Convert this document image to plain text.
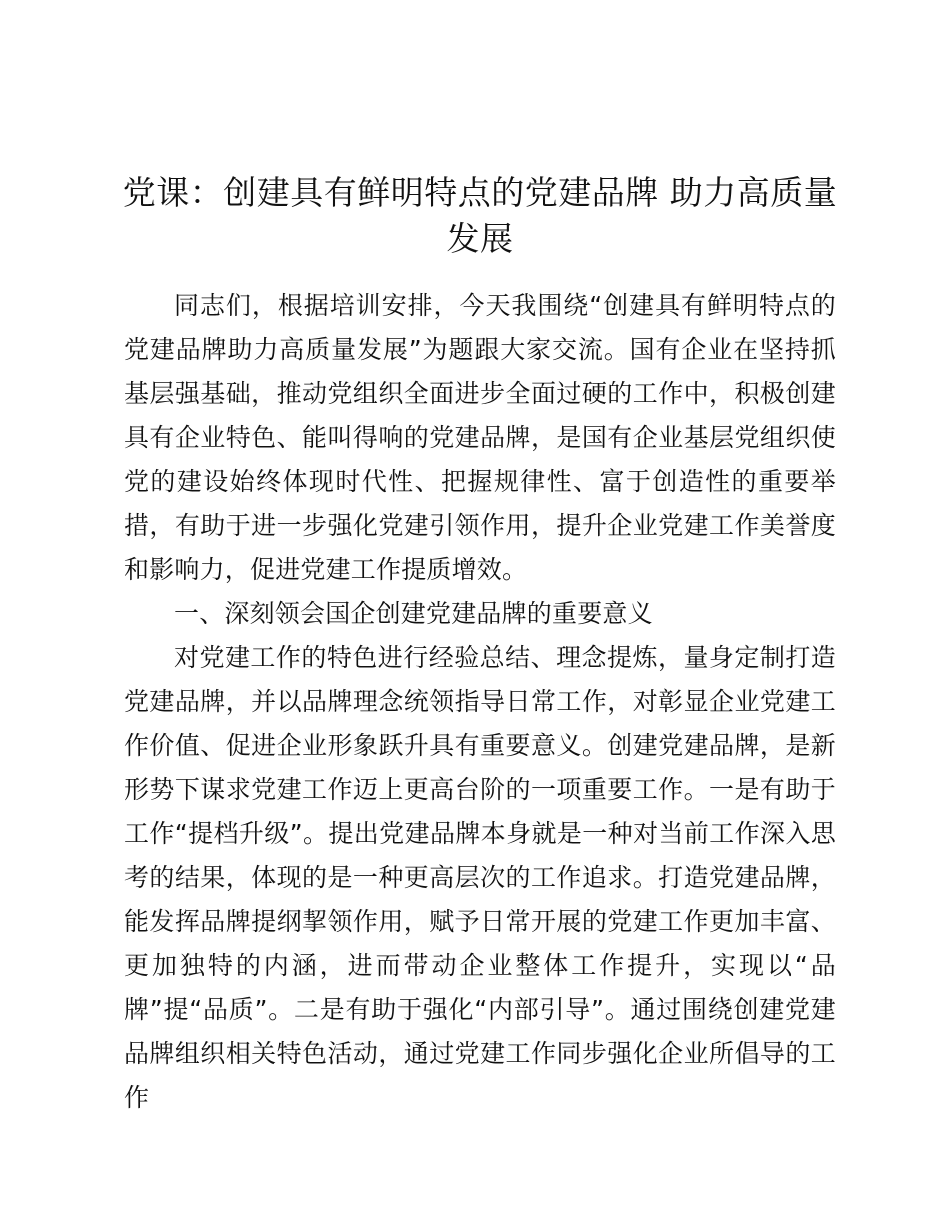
党课：创建具有鲜明特点的党建品牌 助力高质量发展

同志们，根据培训安排，今天我围绕“创建具有鲜明特点的党建品牌助力高质量发展”为题跟大家交流。国有企业在坚持抓基层强基础，推动党组织全面进步全面过硬的工作中，积极创建具有企业特色、能叫得响的党建品牌，是国有企业基层党组织使党的建设始终体现时代性、把握规律性、富于创造性的重要举措，有助于进一步强化党建引领作用，提升企业党建工作美誉度和影响力，促进党建工作提质增效。

一、深刻领会国企创建党建品牌的重要意义

对党建工作的特色进行经验总结、理念提炼，量身定制打造党建品牌，并以品牌理念统领指导日常工作，对彰显企业党建工作价值、促进企业形象跃升具有重要意义。创建党建品牌，是新形势下谋求党建工作迈上更高台阶的一项重要工作。一是有助于工作“提档升级”。提出党建品牌本身就是一种对当前工作深入思考的结果，体现的是一种更高层次的工作追求。打造党建品牌，能发挥品牌提纲挈领作用，赋予日常开展的党建工作更加丰富、更加独特的内涵，进而带动企业整体工作提升，实现以“品牌”提“品质”。二是有助于强化“内部引导”。通过围绕创建党建品牌组织相关特色活动，通过党建工作同步强化企业所倡导的工作
